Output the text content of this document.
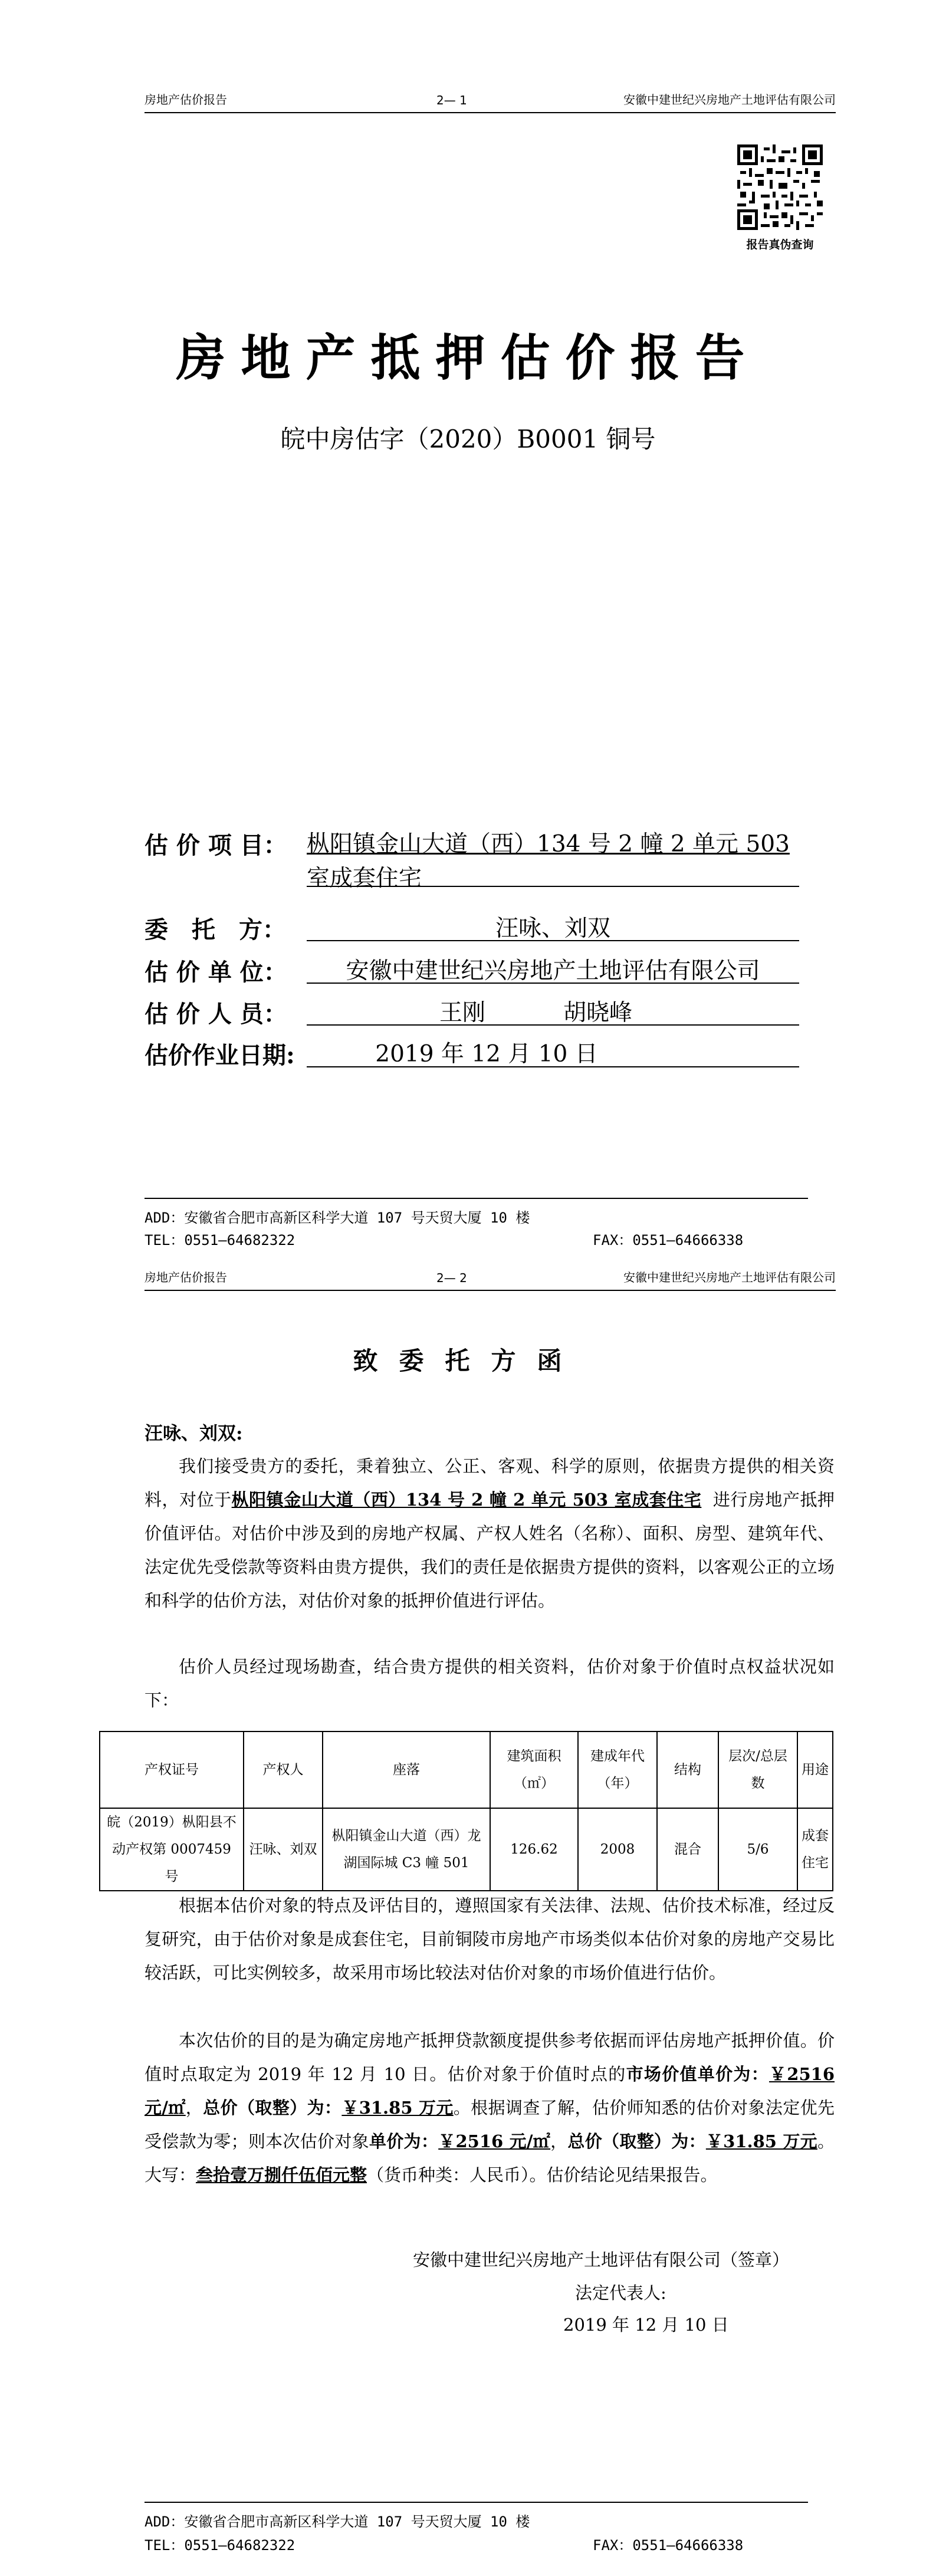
房地产估价报告	2— 1	安徽中建世纪兴房地产土地评估有限公司
报告真伪查询
房地产抵押估价报告
皖中房估字（2020）B0001 铜号
估 价 项 目： 枞阳镇金山大道（西）134 号 2 幢 2 单元 503
室成套住宅
委　托　方：	汪咏、刘双
估 价 单 位：	安徽中建世纪兴房地产土地评估有限公司
估 价 人 员：	王刚	胡晓峰
估价作业日期:	2019 年 12 月 10 日
ADD：安徽省合肥市高新区科学大道 107 号天贸大厦 10 楼
TEL：0551—64682322	FAX：0551—64666338
房地产估价报告	2— 2	安徽中建世纪兴房地产土地评估有限公司
致委托方函
汪咏、刘双:
我们接受贵方的委托，秉着独立、公正、客观、科学的原则，依据贵方提供的相关资料，对位于枞阳镇金山大道（西）134 号 2 幢 2 单元 503 室成套住宅 进行房地产抵押价值评估。对估价中涉及到的房地产权属、产权人姓名（名称）、面积、房型、建筑年代、法定优先受偿款等资料由贵方提供，我们的责任是依据贵方提供的资料，以客观公正的立场和科学的估价方法，对估价对象的抵押价值进行评估。
估价人员经过现场勘查，结合贵方提供的相关资料，估价对象于价值时点权益状况如下：
产权证号	产权人	座落	建筑面积（㎡）	建成年代（年）	结构	层次/总层数	用途
皖（2019）枞阳县不动产权第 0007459 号	汪咏、刘双	枞阳镇金山大道（西）龙湖国际城 C3 幢 501	126.62	2008	混合	5/6	成套住宅
根据本估价对象的特点及评估目的，遵照国家有关法律、法规、估价技术标准，经过反复研究，由于估价对象是成套住宅，目前铜陵市房地产市场类似本估价对象的房地产交易比较活跃，可比实例较多，故采用市场比较法对估价对象的市场价值进行估价。
本次估价的目的是为确定房地产抵押贷款额度提供参考依据而评估房地产抵押价值。价值时点取定为 2019 年 12 月 10 日。估价对象于价值时点的市场价值单价为：￥2516 元/㎡，总价（取整）为：￥31.85 万元。根据调查了解，估价师知悉的估价对象法定优先受偿款为零；则本次估价对象单价为：￥2516 元/㎡，总价（取整）为：￥31.85 万元。大写：叁拾壹万捌仟伍佰元整（货币种类：人民币）。估价结论见结果报告。
安徽中建世纪兴房地产土地评估有限公司（签章）
法定代表人:
2019 年 12 月 10 日
ADD：安徽省合肥市高新区科学大道 107 号天贸大厦 10 楼
TEL：0551—64682322	FAX：0551—64666338
